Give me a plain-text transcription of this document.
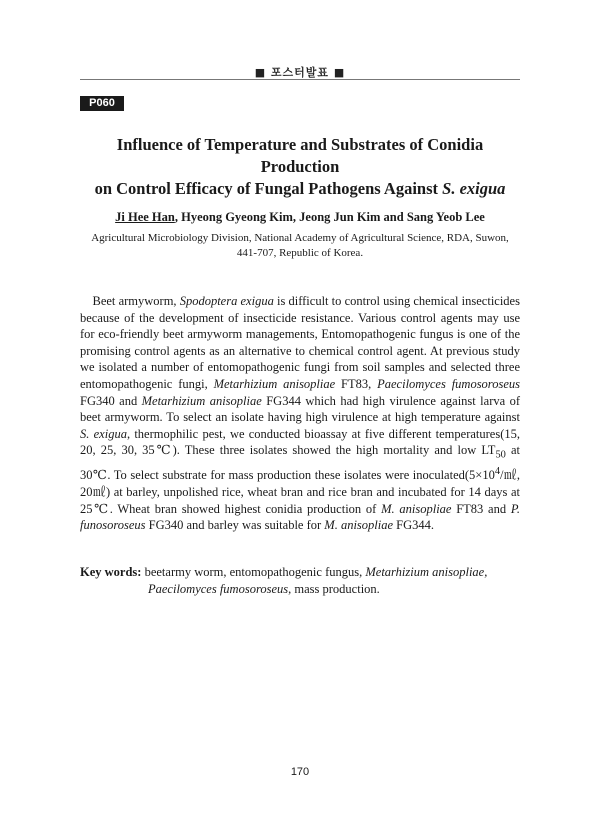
■ 포스터발표 ■
P060
Influence of Temperature and Substrates of Conidia Production
on Control Efficacy of Fungal Pathogens Against S. exigua
Ji Hee Han, Hyeong Gyeong Kim, Jeong Jun Kim and Sang Yeob Lee
Agricultural Microbiology Division, National Academy of Agricultural Science, RDA, Suwon,
441-707, Republic of Korea.

 Beet armyworm, Spodoptera exigua is difficult to control using chemical insecticides because of the development of insecticide resistance. Various control agents may use for eco-friendly beet armyworm managements, Entomopathogenic fungus is one of the promising control agents as an alternative to chemical control agent. At previous study we isolated a number of entomopathogenic fungi from soil samples and selected three entomopathogenic fungi, Metarhizium anisopliae FT83, Paecilomyces fumosoroseus FG340 and Metarhizium anisopliae FG344 which had high virulence against larva of beet armyworm. To select an isolate having high virulence at high temperature against S. exigua, thermophilic pest, we conducted bioassay at five different temperatures(15, 20, 25, 30, 35℃). These three isolates showed the high mortality and low $LT_{50}$ at 30℃. To select substrate for mass production these isolates were $inoculated(5\times 10^4/㎖$, 20㎖) at barley, unpolished rice, wheat bran and rice bran and incubated for 14 days at 25℃. Wheat bran showed highest conidia production of M. anisopliae FT83 and P. funosoroseus FG340 and barley was suitable for M. anisopliae FG344.

Key words: beetarmy worm, entomopathogenic fungus, Metarhizium anisopliae,
Paecilomyces fumosoroseus, mass production.

170
